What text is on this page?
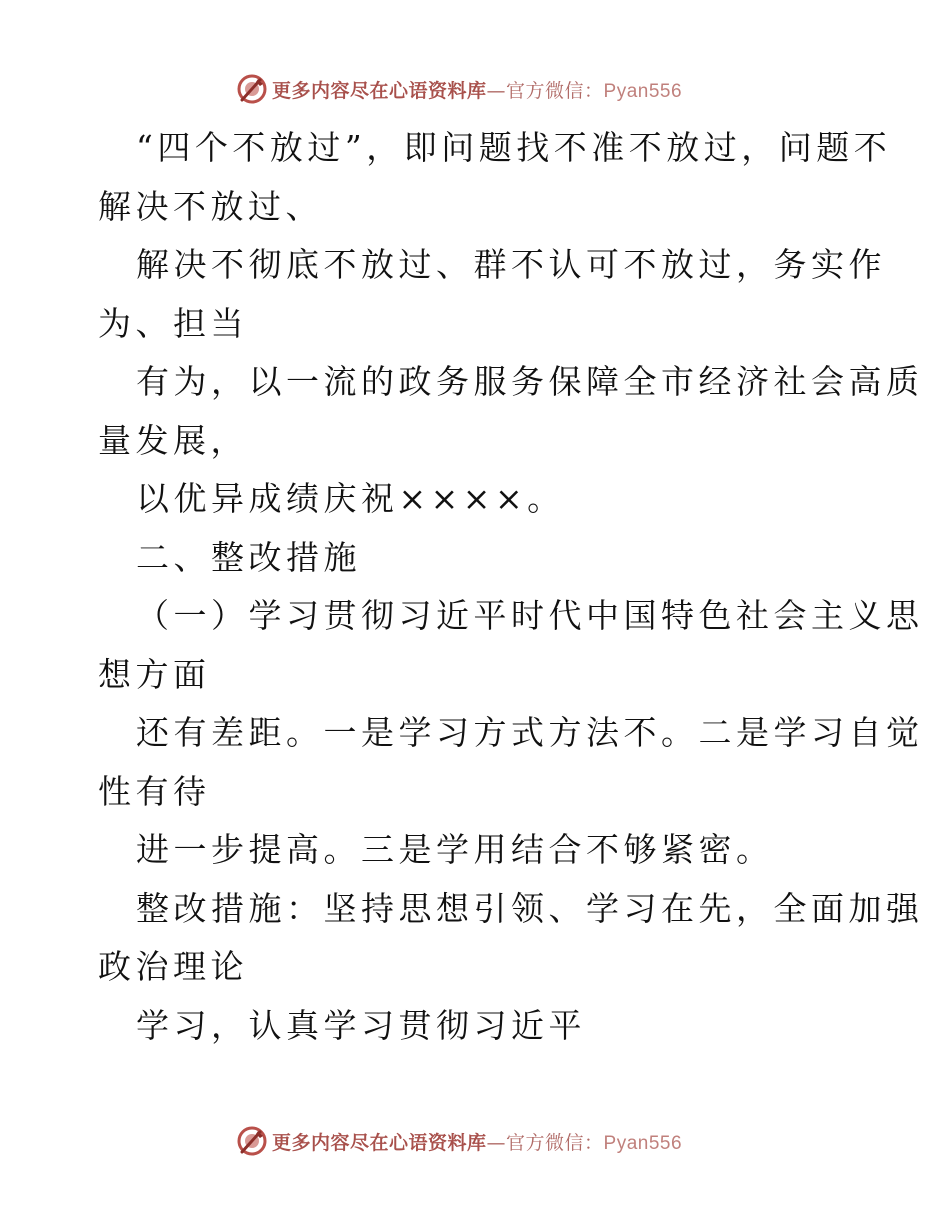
更多内容尽在心语资料库—官方微信：Pyan556
“四个不放过”，即问题找不准不放过，问题不
解决不放过、
解决不彻底不放过、群不认可不放过，务实作
为、担当
有为，以一流的政务服务保障全市经济社会高质
量发展，
以优异成绩庆祝××××。
二、整改措施
（一）学习贯彻习近平时代中国特色社会主义思
想方面
还有差距。一是学习方式方法不。二是学习自觉
性有待
进一步提高。三是学用结合不够紧密。
整改措施：坚持思想引领、学习在先，全面加强
政治理论
学习，认真学习贯彻习近平
更多内容尽在心语资料库—官方微信：Pyan556
